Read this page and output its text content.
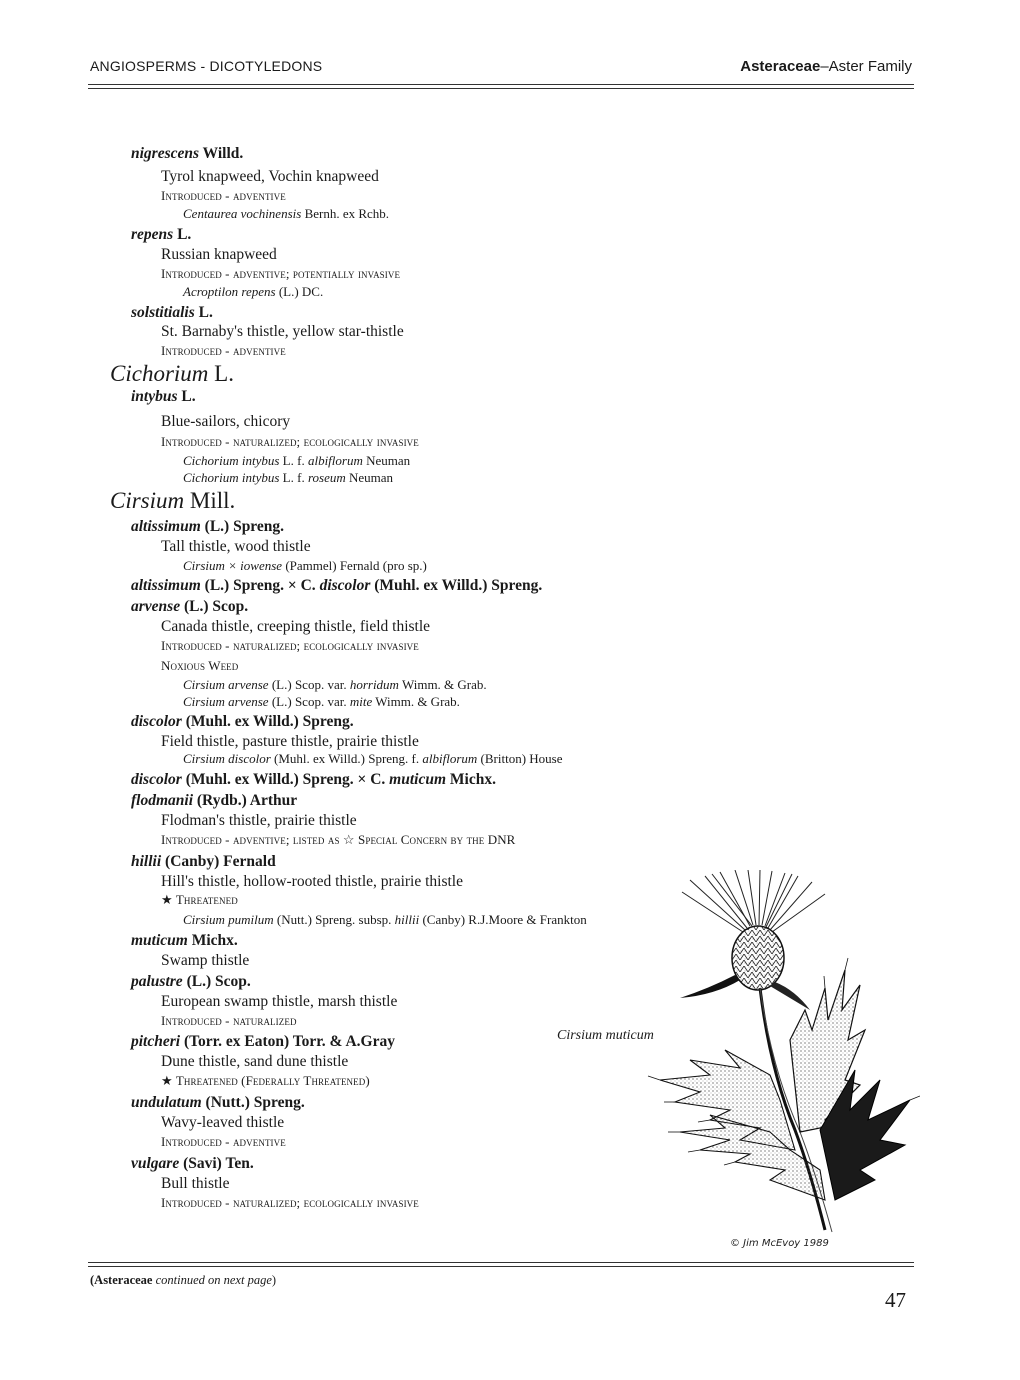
ANGIOSPERMS - DICOTYLEDONS	Asteraceae–Aster Family
nigrescens Willd.
Tyrol knapweed, Vochin knapweed
Introduced - adventive
Centaurea vochinensis Bernh. ex Rchb.
repens L.
Russian knapweed
Introduced - adventive; potentially invasive
Acroptilon repens (L.) DC.
solstitialis L.
St. Barnaby's thistle, yellow star-thistle
Introduced - adventive
Cichorium L.
intybus L.
Blue-sailors, chicory
Introduced - naturalized; ecologically invasive
Cichorium intybus L. f. albiflorum Neuman
Cichorium intybus L. f. roseum Neuman
Cirsium Mill.
altissimum (L.) Spreng.
Tall thistle, wood thistle
Cirsium × iowense (Pammel) Fernald (pro sp.)
altissimum (L.) Spreng. × C. discolor (Muhl. ex Willd.) Spreng.
arvense (L.) Scop.
Canada thistle, creeping thistle, field thistle
Introduced - naturalized; ecologically invasive
Noxious Weed
Cirsium arvense (L.) Scop. var. horridum Wimm. & Grab.
Cirsium arvense (L.) Scop. var. mite Wimm. & Grab.
discolor (Muhl. ex Willd.) Spreng.
Field thistle, pasture thistle, prairie thistle
Cirsium discolor (Muhl. ex Willd.) Spreng. f. albiflorum (Britton) House
discolor (Muhl. ex Willd.) Spreng. × C. muticum Michx.
flodmanii (Rydb.) Arthur
Flodman's thistle, prairie thistle
Introduced - adventive; listed as ☆ Special Concern by the DNR
hillii (Canby) Fernald
Hill's thistle, hollow-rooted thistle, prairie thistle
★ Threatened
Cirsium pumilum (Nutt.) Spreng. subsp. hillii (Canby) R.J.Moore & Frankton
muticum Michx.
Swamp thistle
palustre (L.) Scop.
European swamp thistle, marsh thistle
Introduced - naturalized
pitcheri (Torr. ex Eaton) Torr. & A.Gray
Dune thistle, sand dune thistle
★ Threatened (Federally Threatened)
undulatum (Nutt.) Spreng.
Wavy-leaved thistle
Introduced - adventive
vulgare (Savi) Ten.
Bull thistle
Introduced - naturalized; ecologically invasive
Cirsium muticum
© Jim McEvoy 1989
(Asteraceae continued on next page)
47
